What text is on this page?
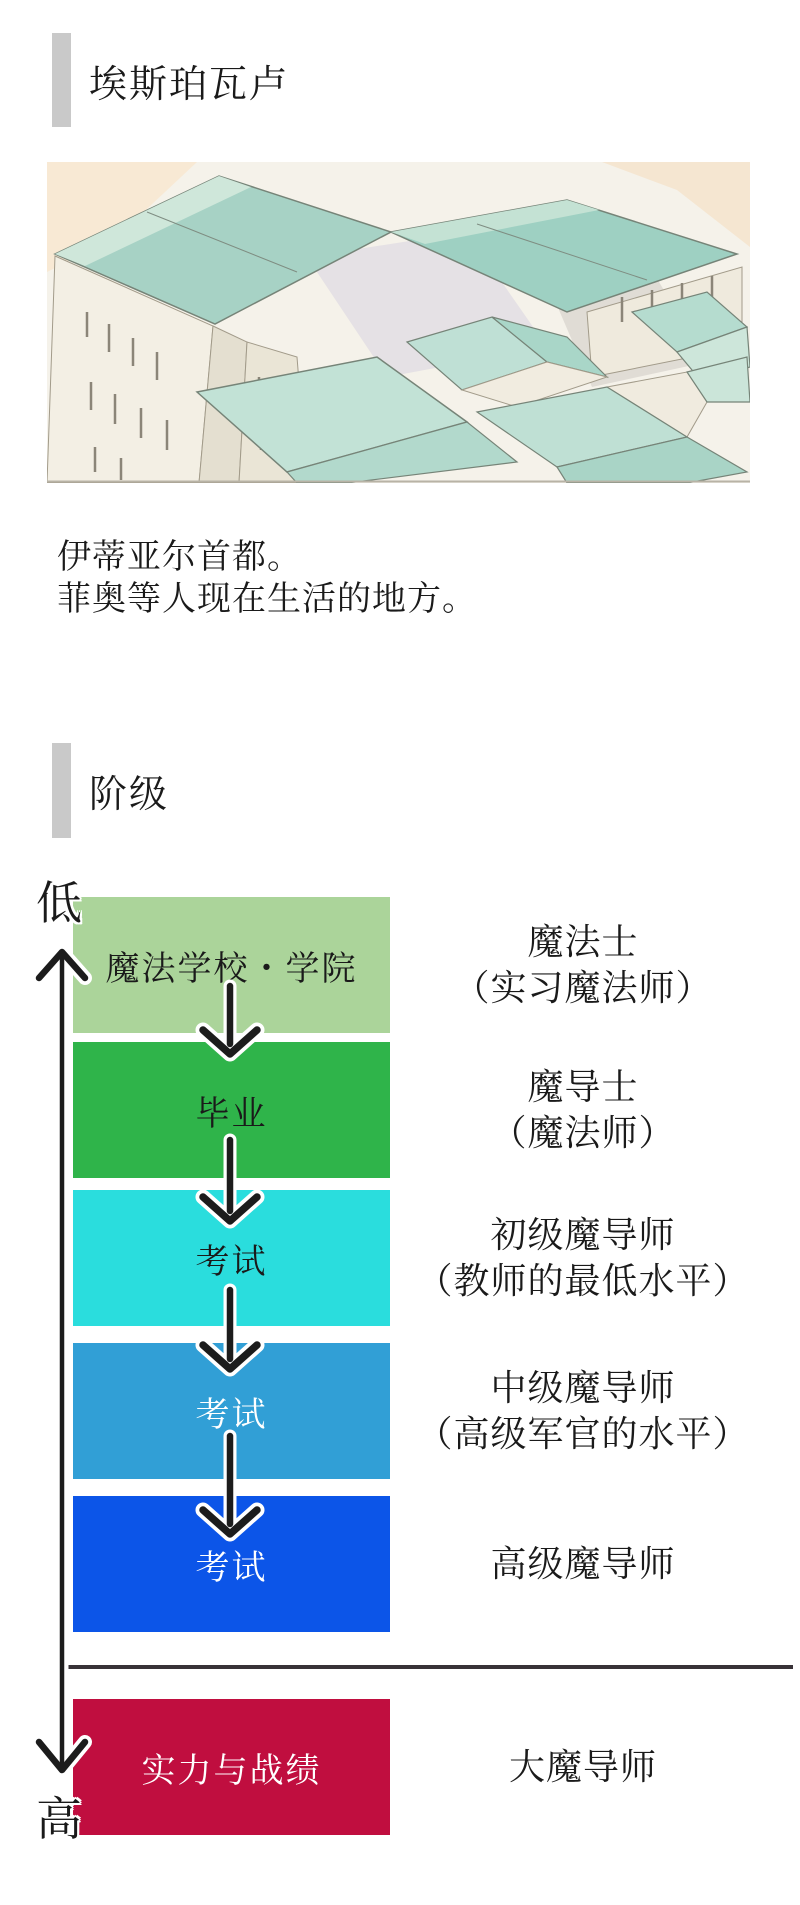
埃斯珀瓦卢
伊蒂亚尔首都。
菲奥等人现在生活的地方。
阶级
低
魔法学校・学院
毕业
考试
考试
考试
实力与战绩
魔法士
（实习魔法师）
魔导士
（魔法师）
初级魔导师
（教师的最低水平）
中级魔导师
（高级军官的水平）
高级魔导师
大魔导师
高
